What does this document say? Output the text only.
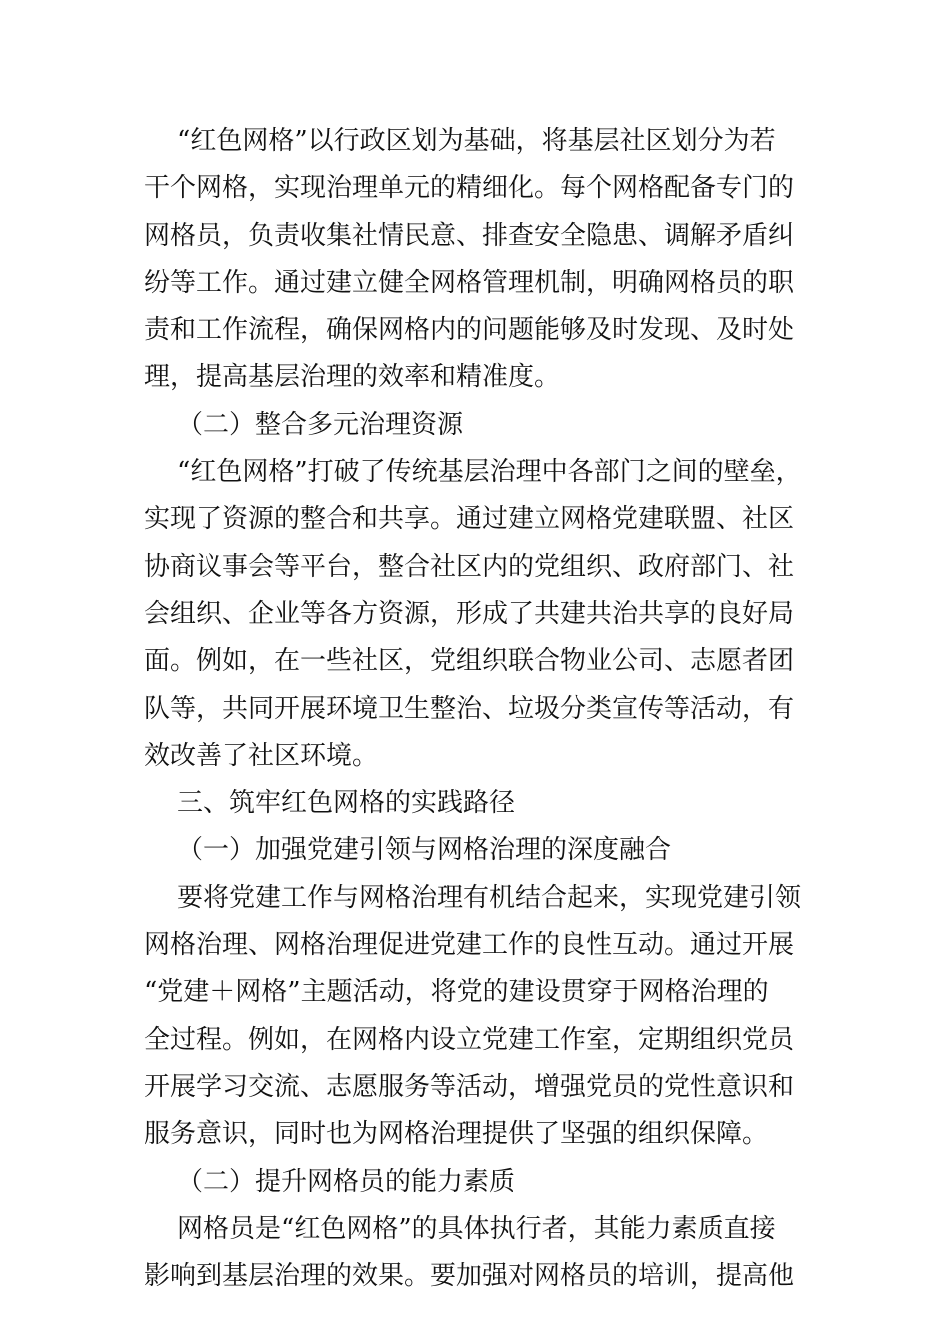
“红色网格”以行政区划为基础，将基层社区划分为若
干个网格，实现治理单元的精细化。每个网格配备专门的
网格员，负责收集社情民意、排查安全隐患、调解矛盾纠
纷等工作。通过建立健全网格管理机制，明确网格员的职
责和工作流程，确保网格内的问题能够及时发现、及时处
理，提高基层治理的效率和精准度。
（二）整合多元治理资源
“红色网格”打破了传统基层治理中各部门之间的壁垒，
实现了资源的整合和共享。通过建立网格党建联盟、社区
协商议事会等平台，整合社区内的党组织、政府部门、社
会组织、企业等各方资源，形成了共建共治共享的良好局
面。例如，在一些社区，党组织联合物业公司、志愿者团
队等，共同开展环境卫生整治、垃圾分类宣传等活动，有
效改善了社区环境。
三、筑牢红色网格的实践路径
（一）加强党建引领与网格治理的深度融合
要将党建工作与网格治理有机结合起来，实现党建引领
网格治理、网格治理促进党建工作的良性互动。通过开展
“党建＋网格”主题活动，将党的建设贯穿于网格治理的
全过程。例如，在网格内设立党建工作室，定期组织党员
开展学习交流、志愿服务等活动，增强党员的党性意识和
服务意识，同时也为网格治理提供了坚强的组织保障。
（二）提升网格员的能力素质
网格员是“红色网格”的具体执行者，其能力素质直接
影响到基层治理的效果。要加强对网格员的培训，提高他
